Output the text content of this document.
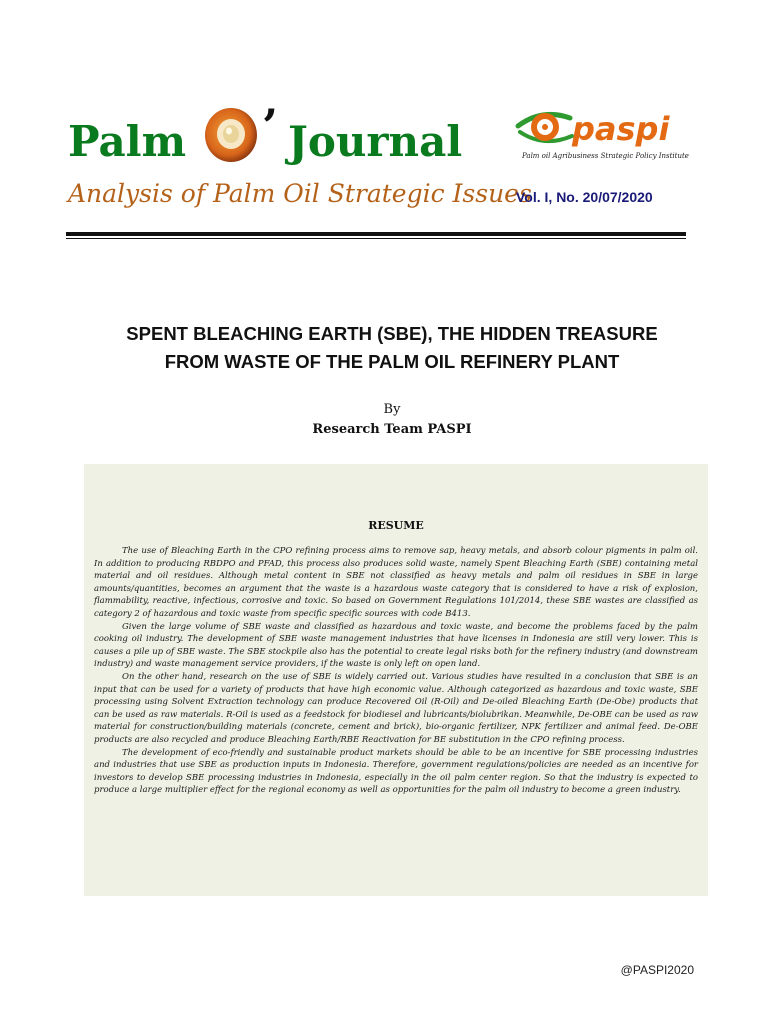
Palm ’ Journal	paspi
Palm oil Agribusiness Strategic Policy Institute
Analysis of Palm Oil Strategic Issues
Vol. I, No. 20/07/2020
SPENT BLEACHING EARTH (SBE), THE HIDDEN TREASURE
FROM WASTE OF THE PALM OIL REFINERY PLANT
By
Research Team PASPI
RESUME

The use of Bleaching Earth in the CPO refining process aims to remove sap, heavy metals, and absorb colour pigments in palm oil. In addition to producing RBDPO and PFAD, this process also produces solid waste, namely Spent Bleaching Earth (SBE) containing metal material and oil residues. Although metal content in SBE not classified as heavy metals and palm oil residues in SBE in large amounts/quantities, becomes an argument that the waste is a hazardous waste category that is considered to have a risk of explosion, flammability, reactive, infectious, corrosive and toxic. So based on Government Regulations 101/2014, these SBE wastes are classified as category 2 of hazardous and toxic waste from specific specific sources with code B413.

Given the large volume of SBE waste and classified as hazardous and toxic waste, and become the problems faced by the palm cooking oil industry. The development of SBE waste management industries that have licenses in Indonesia are still very lower. This is causes a pile up of SBE waste. The SBE stockpile also has the potential to create legal risks both for the refinery industry (and downstream industry) and waste management service providers, if the waste is only left on open land.

On the other hand, research on the use of SBE is widely carried out. Various studies have resulted in a conclusion that SBE is an input that can be used for a variety of products that have high economic value. Although categorized as hazardous and toxic waste, SBE processing using Solvent Extraction technology can produce Recovered Oil (R-Oil) and De-oiled Bleaching Earth (De-Obe) products that can be used as raw materials. R-Oil is used as a feedstock for biodiesel and lubricants/biolubrikan. Meanwhile, De-OBE can be used as raw material for construction/building materials (concrete, cement and brick), bio-organic fertilizer, NPK fertilizer and animal feed. De-OBE products are also recycled and produce Bleaching Earth/RBE Reactivation for BE substitution in the CPO refining process.

The development of eco-friendly and sustainable product markets should be able to be an incentive for SBE processing industries and industries that use SBE as production inputs in Indonesia. Therefore, government regulations/policies are needed as an incentive for investors to develop SBE processing industries in Indonesia, especially in the oil palm center region. So that the industry is expected to produce a large multiplier effect for the regional economy as well as opportunities for the palm oil industry to become a green industry.

@PASPI2020
